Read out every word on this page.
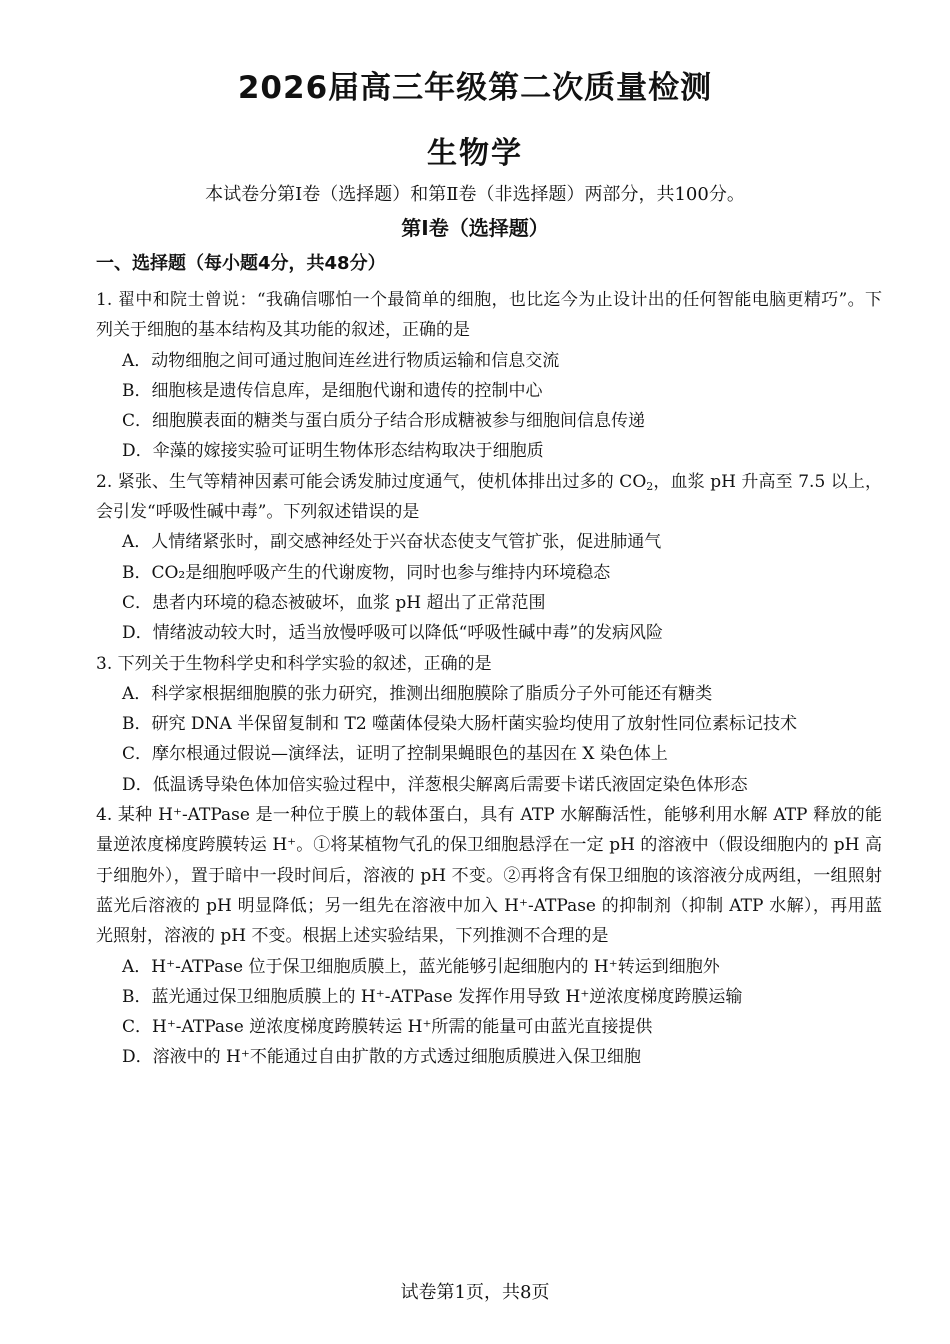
2026届高三年级第二次质量检测
生物学
本试卷分第Ⅰ卷（选择题）和第Ⅱ卷（非选择题）两部分，共100分。
第Ⅰ卷（选择题）
一、选择题（每小题4分，共48分）
1. 翟中和院士曾说：“我确信哪怕一个最简单的细胞，也比迄今为止设计出的任何智能电脑更精巧”。下列关于细胞的基本结构及其功能的叙述，正确的是
A．动物细胞之间可通过胞间连丝进行物质运输和信息交流
B．细胞核是遗传信息库，是细胞代谢和遗传的控制中心
C．细胞膜表面的糖类与蛋白质分子结合形成糖被参与细胞间信息传递
D．伞藻的嫁接实验可证明生物体形态结构取决于细胞质
2. 紧张、生气等精神因素可能会诱发肺过度通气，使机体排出过多的 $CO_2$，血浆 pH 升高至 7.5 以上，会引发“呼吸性碱中毒”。下列叙述错误的是
A．人情绪紧张时，副交感神经处于兴奋状态使支气管扩张，促进肺通气
B．CO₂是细胞呼吸产生的代谢废物，同时也参与维持内环境稳态
C．患者内环境的稳态被破坏，血浆 pH 超出了正常范围
D．情绪波动较大时，适当放慢呼吸可以降低“呼吸性碱中毒”的发病风险
3. 下列关于生物科学史和科学实验的叙述，正确的是
A．科学家根据细胞膜的张力研究，推测出细胞膜除了脂质分子外可能还有糖类
B．研究 DNA 半保留复制和 T2 噬菌体侵染大肠杆菌实验均使用了放射性同位素标记技术
C．摩尔根通过假说—演绎法，证明了控制果蝇眼色的基因在 X 染色体上
D．低温诱导染色体加倍实验过程中，洋葱根尖解离后需要卡诺氏液固定染色体形态
4. 某种 H⁺-ATPase 是一种位于膜上的载体蛋白，具有 ATP 水解酶活性，能够利用水解 ATP 释放的能量逆浓度梯度跨膜转运 H⁺。①将某植物气孔的保卫细胞悬浮在一定 pH 的溶液中（假设细胞内的 pH 高于细胞外），置于暗中一段时间后，溶液的 pH 不变。②再将含有保卫细胞的该溶液分成两组，一组照射蓝光后溶液的 pH 明显降低；另一组先在溶液中加入 H⁺-ATPase 的抑制剂（抑制 ATP 水解），再用蓝光照射，溶液的 pH 不变。根据上述实验结果，下列推测不合理的是
A．H⁺-ATPase 位于保卫细胞质膜上，蓝光能够引起细胞内的 H⁺转运到细胞外
B．蓝光通过保卫细胞质膜上的 H⁺-ATPase 发挥作用导致 H⁺逆浓度梯度跨膜运输
C．H⁺-ATPase 逆浓度梯度跨膜转运 H⁺所需的能量可由蓝光直接提供
D．溶液中的 H⁺不能通过自由扩散的方式透过细胞质膜进入保卫细胞
试卷第1页，共8页
